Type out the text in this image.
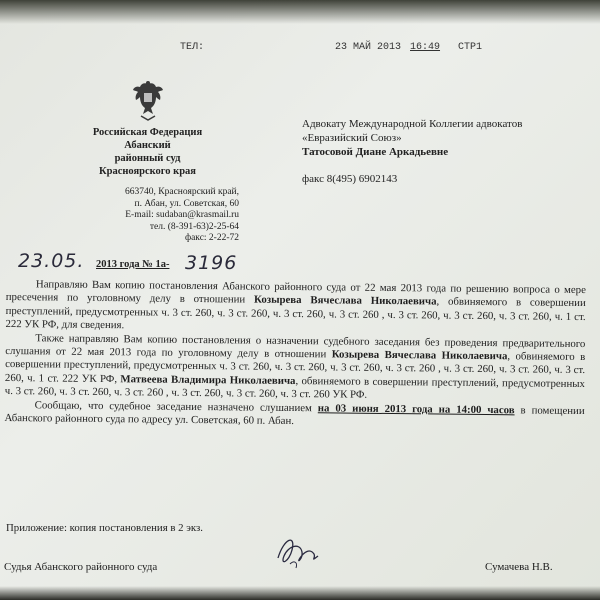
ТЕЛ:	23 МАЙ 2013 16:49 СТР1
Российская Федерация
Абанский
районный суд
Красноярского края
663740, Красноярский край,
п. Абан, ул. Советская, 60
E-mail: sudaban@krasmail.ru
тел. (8-391-63)2-25-64
факс: 2-22-72
23.05. 2013 года № 1а- 3196
Адвокату Международной Коллегии адвокатов
«Евразийский Союз»
Татосовой Диане Аркадьевне
факс 8(495) 6902143

Направляю Вам копию постановления Абанского районного суда от 22 мая 2013 года по решению вопроса о мере пресечения по уголовному делу в отношении Козырева Вячеслава Николаевича, обвиняемого в совершении преступлений, предусмотренных ч. 3 ст. 260, ч. 3 ст. 260, ч. 3 ст. 260, ч. 3 ст. 260 , ч. 3 ст. 260, ч. 3 ст. 260, ч. 3 ст. 260, ч. 1 ст. 222 УК РФ, для сведения.

Также направляю Вам копию постановления о назначении судебного заседания без проведения предварительного слушания от 22 мая 2013 года по уголовному делу в отношении Козырева Вячеслава Николаевича, обвиняемого в совершении преступлений, предусмотренных ч. 3 ст. 260, ч. 3 ст. 260, ч. 3 ст. 260, ч. 3 ст. 260 , ч. 3 ст. 260, ч. 3 ст. 260, ч. 3 ст. 260, ч. 1 ст. 222 УК РФ, Матвеева Владимира Николаевича, обвиняемого в совершении преступлений, предусмотренных ч. 3 ст. 260, ч. 3 ст. 260, ч. 3 ст. 260 , ч. 3 ст. 260, ч. 3 ст. 260, ч. 3 ст. 260 УК РФ.

Сообщаю, что судебное заседание назначено слушанием на 03 июня 2013 года на 14:00 часов в помещении Абанского районного суда по адресу ул. Советская, 60 п. Абан.

Приложение: копия постановления в 2 экз.
Судья Абанского районного суда	Сумачева Н.В.
